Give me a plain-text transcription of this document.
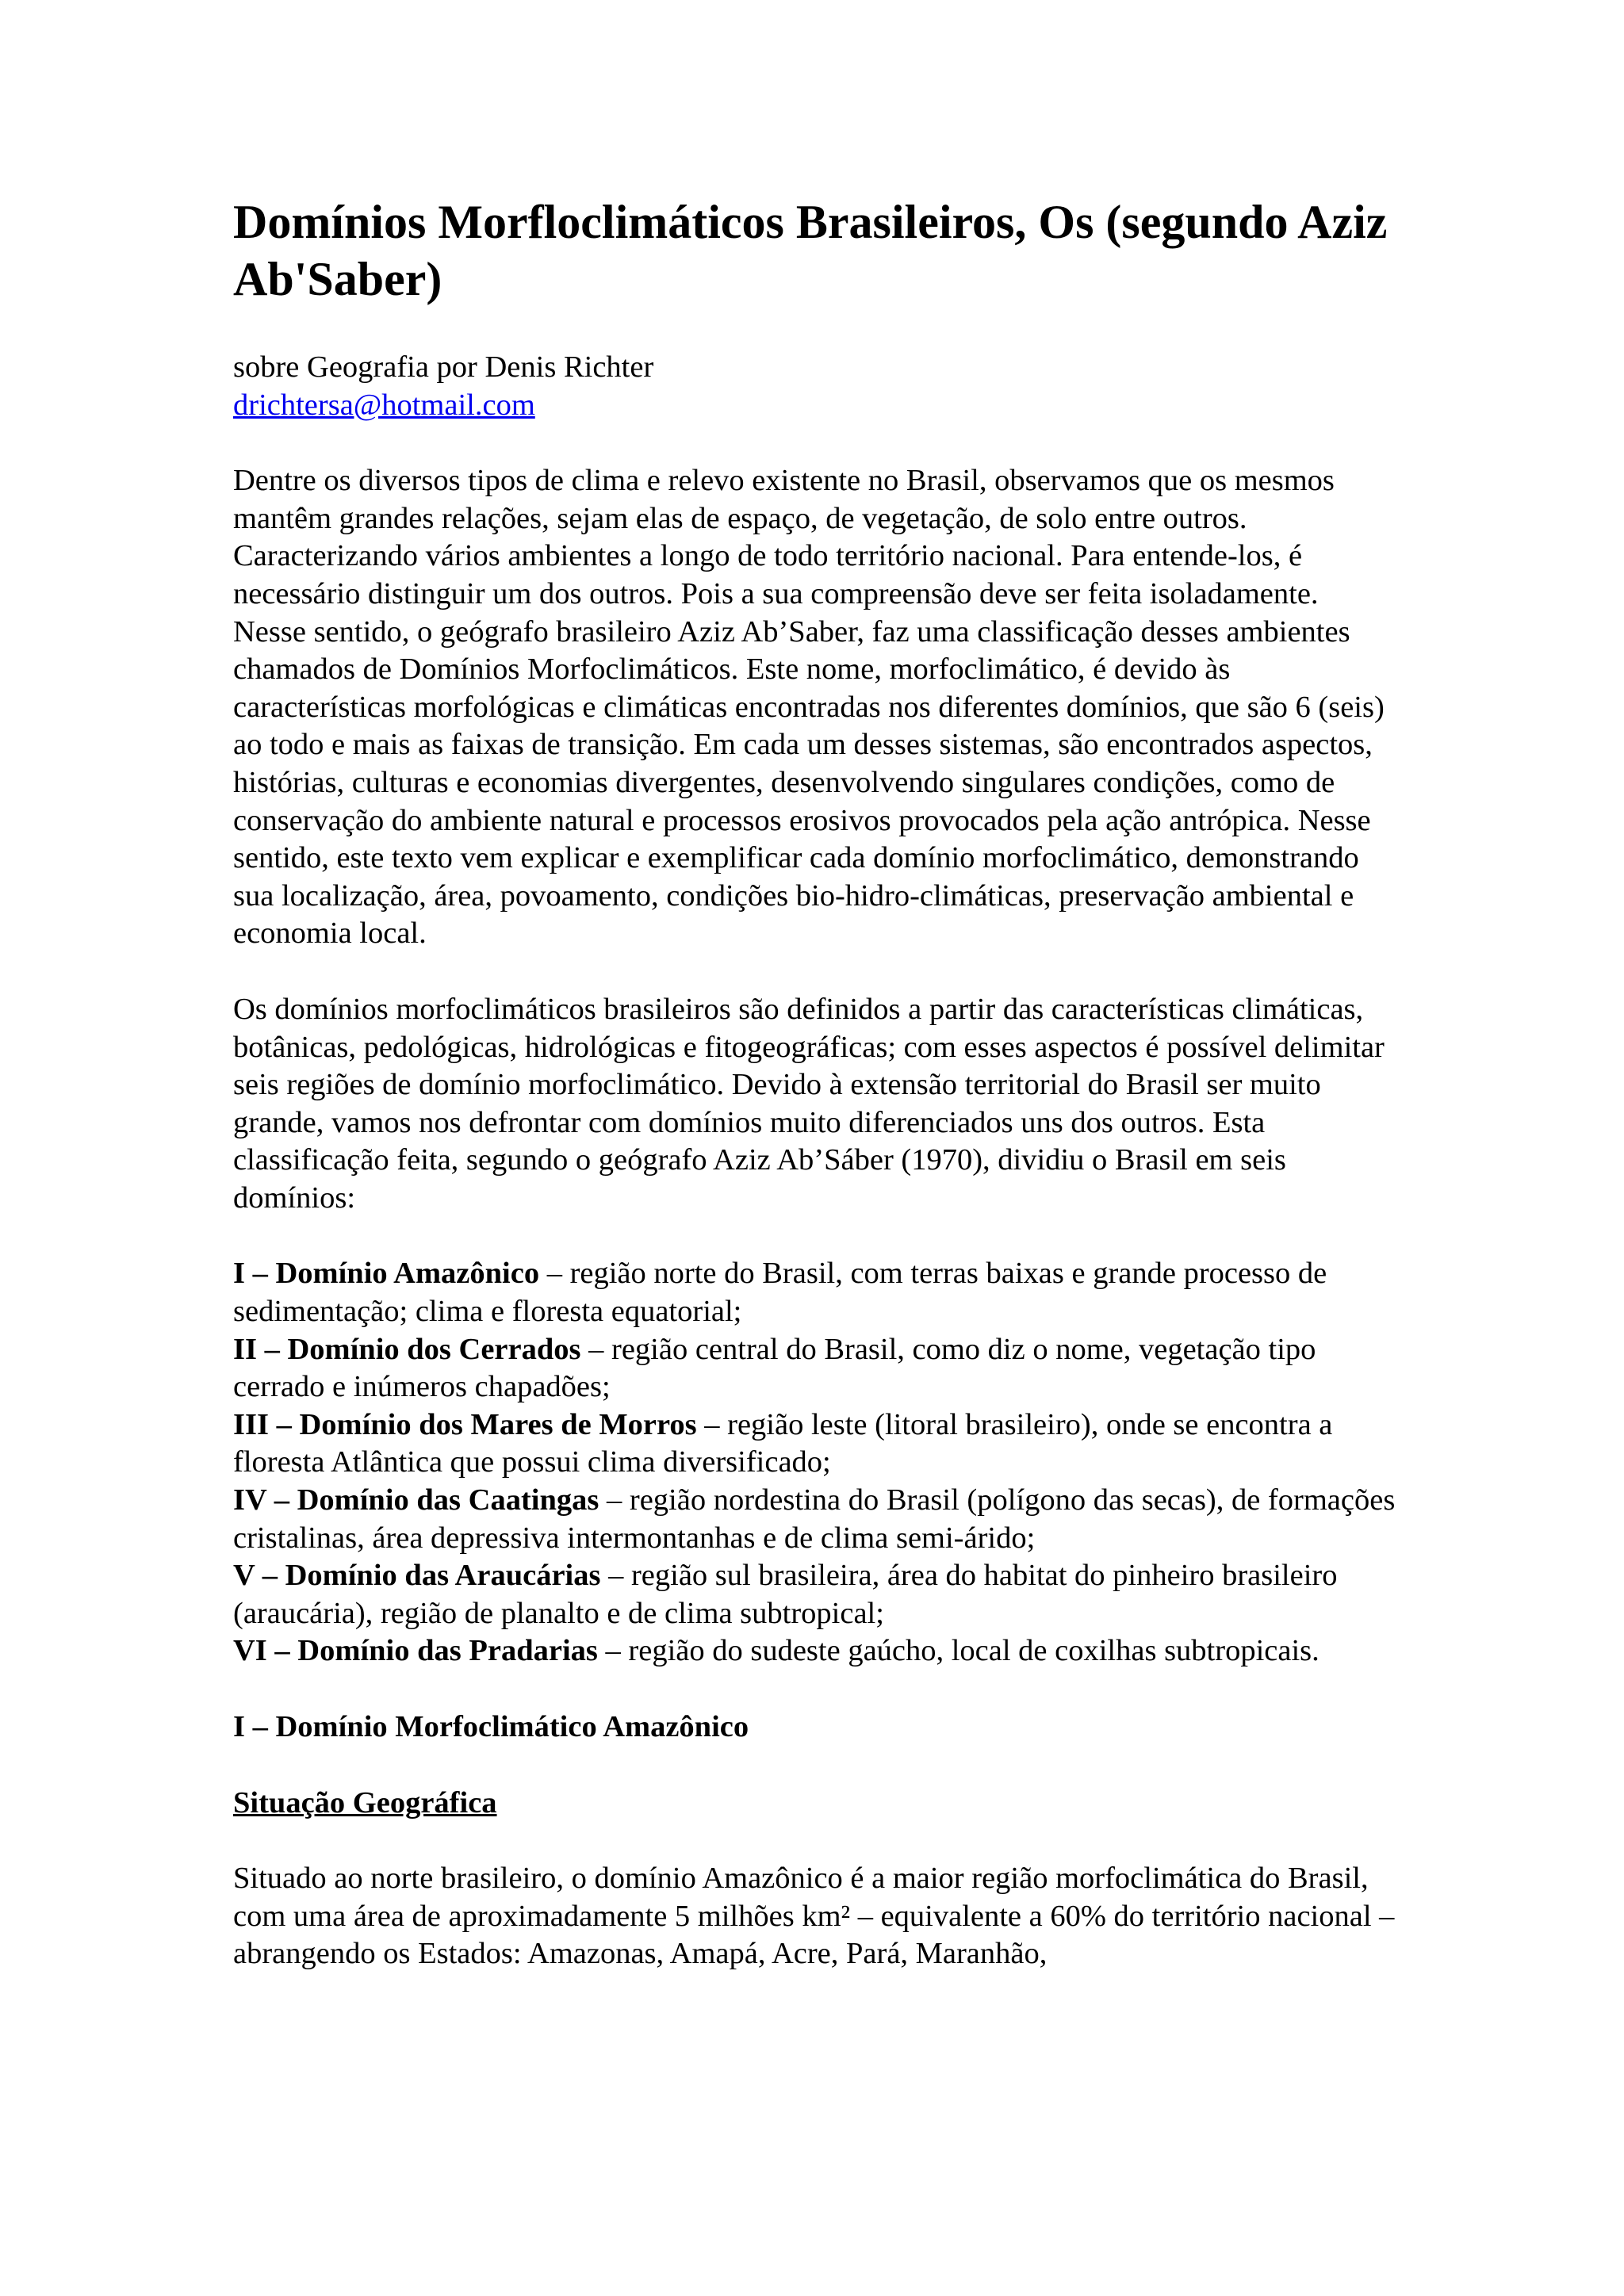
Domínios Morfloclimáticos Brasileiros, Os (segundo Aziz Ab'Saber)
sobre Geografia por Denis Richter
drichtersa@hotmail.com

Dentre os diversos tipos de clima e relevo existente no Brasil, observamos que os mesmos mantêm grandes relações, sejam elas de espaço, de vegetação, de solo entre outros. Caracterizando vários ambientes a longo de todo território nacional. Para entende-los, é necessário distinguir um dos outros. Pois a sua compreensão deve ser feita isoladamente. Nesse sentido, o geógrafo brasileiro Aziz Ab’Saber, faz uma classificação desses ambientes chamados de Domínios Morfoclimáticos. Este nome, morfoclimático, é devido às características morfológicas e climáticas encontradas nos diferentes domínios, que são 6 (seis) ao todo e mais as faixas de transição. Em cada um desses sistemas, são encontrados aspectos, histórias, culturas e economias divergentes, desenvolvendo singulares condições, como de conservação do ambiente natural e processos erosivos provocados pela ação antrópica. Nesse sentido, este texto vem explicar e exemplificar cada domínio morfoclimático, demonstrando sua localização, área, povoamento, condições bio-hidro-climáticas, preservação ambiental e economia local.

Os domínios morfoclimáticos brasileiros são definidos a partir das características climáticas, botânicas, pedológicas, hidrológicas e fitogeográficas; com esses aspectos é possível delimitar seis regiões de domínio morfoclimático. Devido à extensão territorial do Brasil ser muito grande, vamos nos defrontar com domínios muito diferenciados uns dos outros. Esta classificação feita, segundo o geógrafo Aziz Ab’Sáber (1970), dividiu o Brasil em seis domínios:

I – Domínio Amazônico – região norte do Brasil, com terras baixas e grande processo de sedimentação; clima e floresta equatorial;
II – Domínio dos Cerrados – região central do Brasil, como diz o nome, vegetação tipo cerrado e inúmeros chapadões;
III – Domínio dos Mares de Morros – região leste (litoral brasileiro), onde se encontra a floresta Atlântica que possui clima diversificado;
IV – Domínio das Caatingas – região nordestina do Brasil (polígono das secas), de formações cristalinas, área depressiva intermontanhas e de clima semi-árido;
V – Domínio das Araucárias – região sul brasileira, área do habitat do pinheiro brasileiro (araucária), região de planalto e de clima subtropical;
VI – Domínio das Pradarias – região do sudeste gaúcho, local de coxilhas subtropicais.
I – Domínio Morfoclimático Amazônico
Situação Geográfica

Situado ao norte brasileiro, o domínio Amazônico é a maior região morfoclimática do Brasil, com uma área de aproximadamente 5 milhões km² – equivalente a 60% do território nacional – abrangendo os Estados: Amazonas, Amapá, Acre, Pará, Maranhão,
